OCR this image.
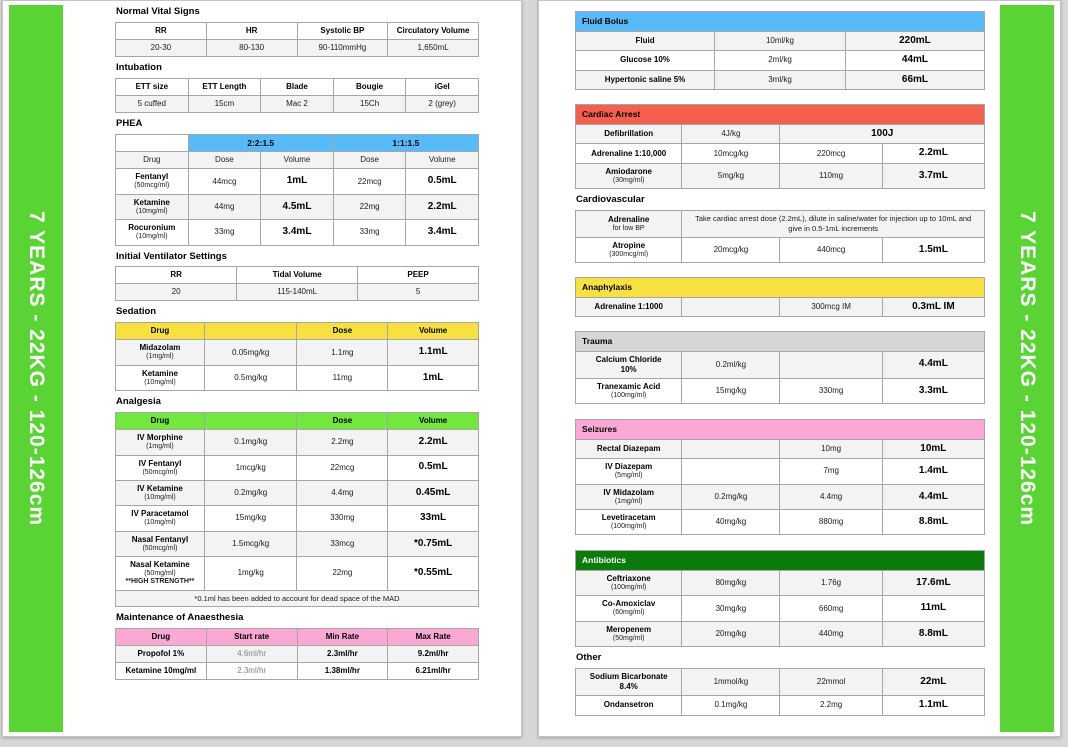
7 YEARS - 22KG - 120-126cm
Normal Vital Signs
RR	HR	Systolic BP	Circulatory Volume

20-30	80-130	90-110mmHg	1,650mL
Intubation
ETT size	ETT Length	Blade	Bougie	iGel

5 cuffed	15cm	Mac 2	15Ch	2 (grey)
PHEA
	2:2:1.5		1:1:1.5	

Drug	Dose	Volume	Dose	Volume

Fentanyl
(50mcg/ml)	44mcg	1mL	22mcg	0.5mL

Ketamine
(10mg/ml)	44mg	4.5mL	22mg	2.2mL

Rocuronium
(10mg/ml)	33mg	3.4mL	33mg	3.4mL
Initial Ventilator Settings
RR	Tidal Volume	PEEP

20	115-140mL	5
Sedation
Drug		Dose	Volume

Midazolam
(1mg/ml)	0.05mg/kg	1.1mg	1.1mL

Ketamine
(10mg/ml)	0.5mg/kg	11mg	1mL
Analgesia
Drug		Dose	Volume

IV Morphine
(1mg/ml)	0.1mg/kg	2.2mg	2.2mL

IV Fentanyl
(50mcg/ml)	1mcg/kg	22mcg	0.5mL

IV Ketamine
(10mg/ml)	0.2mg/kg	4.4mg	0.45mL

IV Paracetamol
(10mg/ml)	15mg/kg	330mg	33mL

Nasal Fentanyl
(50mcg/ml)	1.5mcg/kg	33mcg	*0.75mL

Nasal Ketamine
(50mg/ml)
**HIGH STRENGTH**	1mg/kg	22mg	*0.55mL

*0.1ml has been added to account for dead space of the MAD			
Maintenance of Anaesthesia
Drug	Start rate	Min Rate	Max Rate

Propofol 1%	4.6ml/hr	2.3ml/hr	9.2ml/hr

Ketamine 10mg/ml	2.3ml/hr	1.38ml/hr	6.21ml/hr
7 YEARS - 22KG - 120-126cm
Fluid Bolus		

Fluid	10ml/kg	220mL

Glucose 10%	2ml/kg	44mL

Hypertonic saline 5%	3ml/kg	66mL
Cardiac Arrest			

Defibrillation	4J/kg	100J	

Adrenaline 1:10,000	10mcg/kg	220mcg	2.2mL

Amiodarone
(30mg/ml)	5mg/kg	110mg	3.7mL
Cardiovascular
Adrenaline
for low BP	Take cardiac arrest dose (2.2mL), dilute in saline/water for injection up to 10mL and give in 0.5-1mL increments		

Atropine
(300mcg/ml)	20mcg/kg	440mcg	1.5mL
Anaphylaxis

Adrenaline 1:1000		300mcg IM	0.3mL IM
Trauma			

Calcium Chloride
10%	0.2ml/kg		4.4mL

Tranexamic Acid
(100mg/ml)	15mg/kg	330mg	3.3mL
Seizures			

Rectal Diazepam		10mg	10mL

IV Diazepam
(5mg/ml)		7mg	1.4mL

IV Midazolam
(1mg/ml)	0.2mg/kg	4.4mg	4.4mL

Levetiracetam
(100mg/ml)	40mg/kg	880mg	8.8mL
Antibiotics			

Ceftriaxone
(100mg/ml)	80mg/kg	1.76g	17.6mL

Co-Amoxiclav
(60mg/ml)	30mg/kg	660mg	11mL

Meropenem
(50mg/ml)	20mg/kg	440mg	8.8mL
Other
Sodium Bicarbonate
8.4%	1mmol/kg	22mmol	22mL

Ondansetron	0.1mg/kg	2.2mg	1.1mL
